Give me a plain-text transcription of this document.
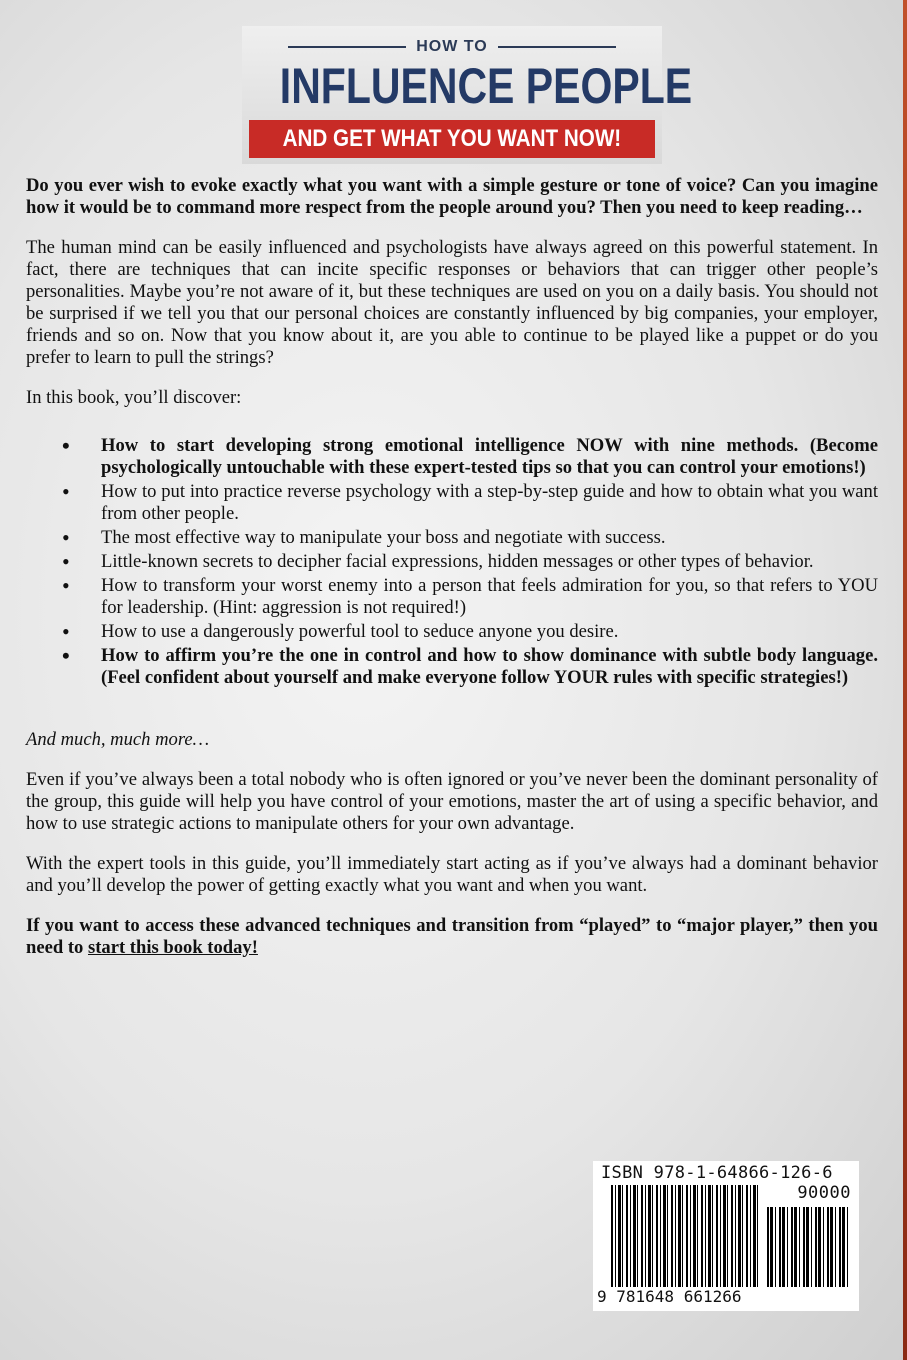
HOW TO
INFLUENCE PEOPLE
AND GET WHAT YOU WANT NOW!

Do you ever wish to evoke exactly what you want with a simple gesture or tone of voice? Can you imagine how it would be to command more respect from the people around you? Then you need to keep reading…

The human mind can be easily influenced and psychologists have always agreed on this powerful statement. In fact, there are techniques that can incite specific responses or behaviors that can trigger other people’s personalities. Maybe you’re not aware of it, but these techniques are used on you on a daily basis. You should not be surprised if we tell you that our personal choices are constantly influenced by big companies, your employer, friends and so on. Now that you know about it, are you able to continue to be played like a puppet or do you prefer to learn to pull the strings?

In this book, you’ll discover:

• How to start developing strong emotional intelligence NOW with nine methods. (Become psychologically untouchable with these expert-tested tips so that you can control your emotions!)
• How to put into practice reverse psychology with a step-by-step guide and how to obtain what you want from other people.
• The most effective way to manipulate your boss and negotiate with success.
• Little-known secrets to decipher facial expressions, hidden messages or other types of behavior.
• How to transform your worst enemy into a person that feels admiration for you, so that refers to YOU for leadership. (Hint: aggression is not required!)
• How to use a dangerously powerful tool to seduce anyone you desire.
• How to affirm you’re the one in control and how to show dominance with subtle body language. (Feel confident about yourself and make everyone follow YOUR rules with specific strategies!)

And much, much more…

Even if you’ve always been a total nobody who is often ignored or you’ve never been the dominant personality of the group, this guide will help you have control of your emotions, master the art of using a specific behavior, and how to use strategic actions to manipulate others for your own advantage.

With the expert tools in this guide, you’ll immediately start acting as if you’ve always had a dominant behavior and you’ll develop the power of getting exactly what you want and when you want.

If you want to access these advanced techniques and transition from “played” to “major player,” then you need to start this book today!

ISBN 978-1-64866-126-6
90000
9 781648 661266
